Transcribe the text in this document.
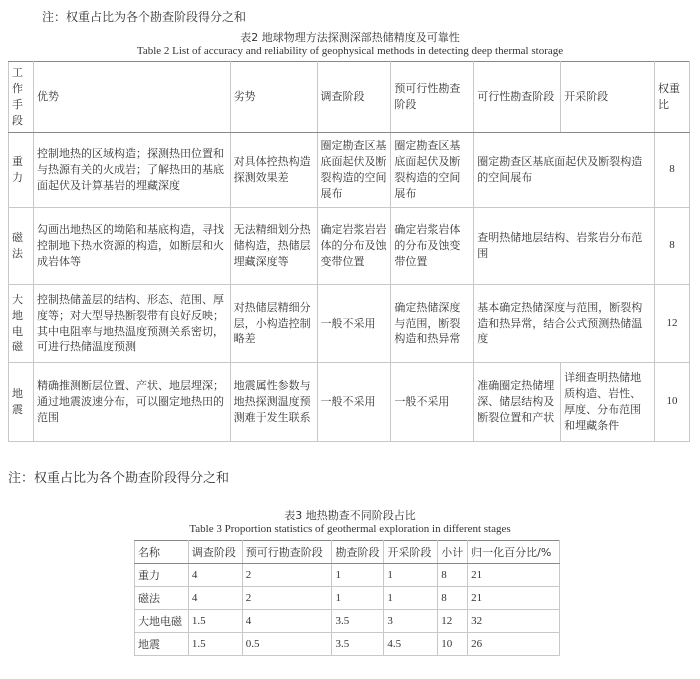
注：权重占比为各个勘查阶段得分之和
表2 地球物理方法探测深部热储精度及可靠性
Table 2 List of accuracy and reliability of geophysical methods in detecting deep thermal storage
工作手段	优势	劣势	调查阶段	预可行性勘查阶段	可行性勘查阶段	开采阶段	权重比
重力	控制地热的区域构造；探测热田位置和与热源有关的火成岩；了解热田的基底面起伏及计算基岩的埋藏深度	对具体控热构造探测效果差	圈定勘查区基底面起伏及断裂构造的空间展布	圈定勘查区基底面起伏及断裂构造的空间展布	圈定勘查区基底面起伏及断裂构造的空间展布		8
磁法	勾画出地热区的坳陷和基底构造，寻找控制地下热水资源的构造，如断层和火成岩体等	无法精细划分热储构造，热储层埋藏深度等	确定岩浆岩岩体的分布及蚀变带位置	确定岩浆岩体的分布及蚀变带位置	查明热储地层结构、岩浆岩分布范围		8
大地电磁	控制热储盖层的结构、形态、范围、厚度等；对大型导热断裂带有良好反映；其中电阻率与地热温度预测关系密切，可进行热储温度预测	对热储层精细分层，小构造控制略差	一般不采用	确定热储深度与范围，断裂构造和热异常	基本确定热储深度与范围，断裂构造和热异常，结合公式预测热储温度		12
地震	精确推测断层位置、产状、地层埋深；通过地震波速分布，可以圈定地热田的范围	地震属性参数与地热探测温度预测难于发生联系	一般不采用	一般不采用	准确圈定热储埋深、储层结构及断裂位置和产状	详细查明热储地质构造、岩性、厚度、分布范围和埋藏条件	10
注：权重占比为各个勘查阶段得分之和
表3 地热勘查不同阶段占比
Table 3 Proportion statistics of geothermal exploration in different stages
名称	调查阶段	预可行勘查阶段	勘查阶段	开采阶段	小计	归一化百分比/%
重力	4	2	1	1	8	21
磁法	4	2	1	1	8	21
大地电磁	1.5	4	3.5	3	12	32
地震	1.5	0.5	3.5	4.5	10	26
